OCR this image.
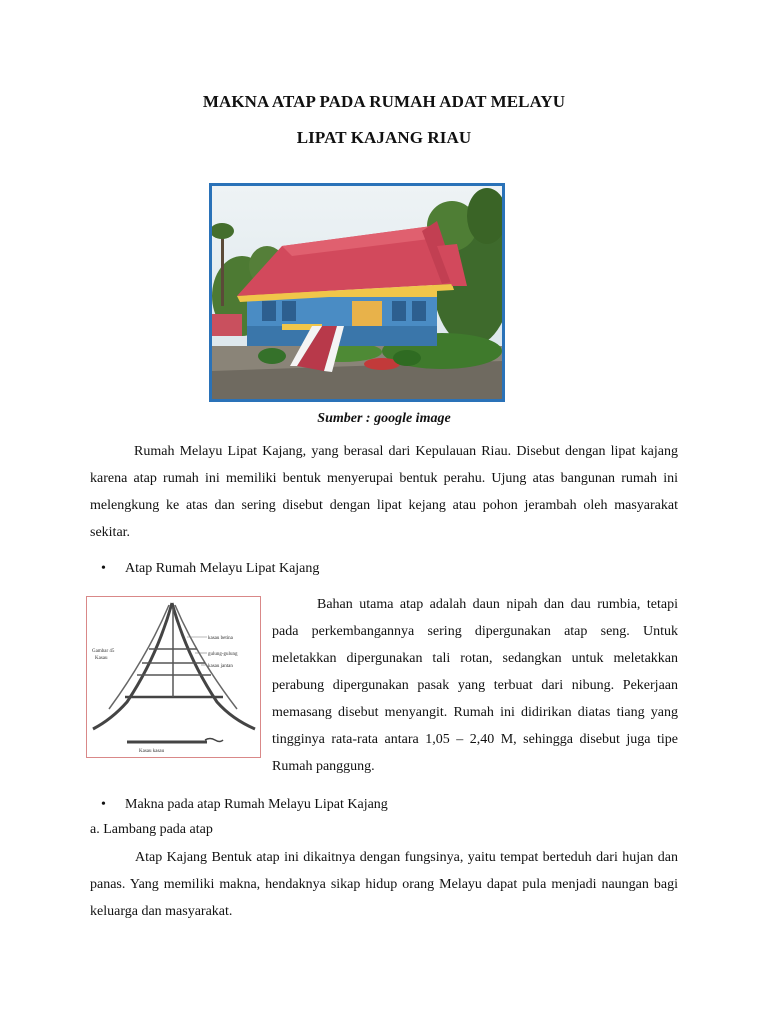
MAKNA ATAP PADA RUMAH ADAT MELAYU
LIPAT KAJANG RIAU
Sumber : google image

Rumah Melayu Lipat Kajang, yang berasal dari Kepulauan Riau. Disebut dengan lipat kajang karena atap rumah ini memiliki bentuk menyerupai bentuk perahu. Ujung atas bangunan rumah ini melengkung ke atas dan sering disebut dengan lipat kejang atau pohon jerambah oleh masyarakat sekitar.

• Atap Rumah Melayu Lipat Kajang
Gambar 45
Kasau
kasau betina
gulung-gulung
kasau jantan
Kasau kasau

Bahan utama atap adalah daun nipah dan dau rumbia, tetapi pada perkembangannya sering dipergunakan atap seng. Untuk meletakkan dipergunakan tali rotan, sedangkan untuk meletakkan perabung dipergunakan pasak yang terbuat dari nibung. Pekerjaan memasang disebut menyangit. Rumah ini didirikan diatas tiang yang tingginya rata-rata antara 1,05 – 2,40 M, sehingga disebut juga tipe Rumah panggung.

• Makna pada atap Rumah Melayu Lipat Kajang
a. Lambang pada atap

Atap Kajang Bentuk atap ini dikaitnya dengan fungsinya, yaitu tempat berteduh dari hujan dan panas. Yang memiliki makna, hendaknya sikap hidup orang Melayu dapat pula menjadi naungan bagi keluarga dan masyarakat.
